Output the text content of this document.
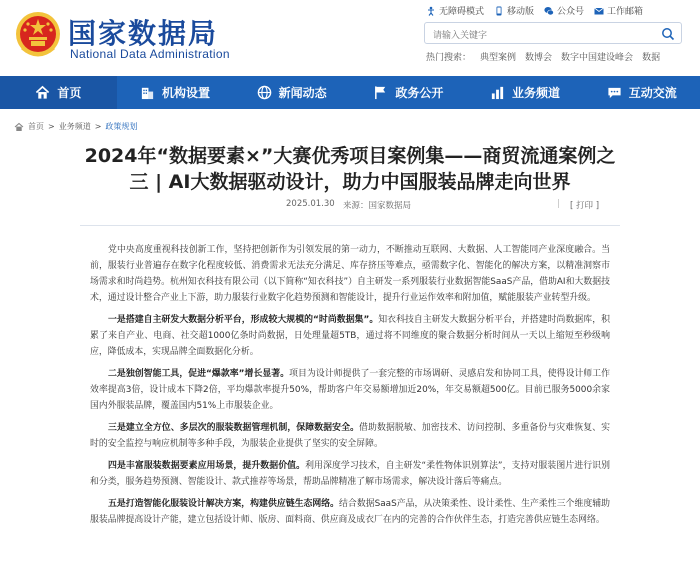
国家数据局
National Data Administration
无障碍模式	移动版	公众号	工作邮箱
请输入关键字
热门搜索： 典型案例 数博会 数字中国建设峰会 数据
首页	机构设置	新闻动态	政务公开	业务频道	互动交流
首页 > 业务频道 > 政策规划
2024年“数据要素×”大赛优秀项目案例集——商贸流通案例之三 | AI大数据驱动设计，助力中国服装品牌走向世界
2025.01.30 来源：国家数据局	| [ 打印 ]

党中央高度重视科技创新工作，坚持把创新作为引领发展的第一动力，不断推动互联网、大数据、人工智能同产业深度融合。当前，服装行业普遍存在数字化程度较低、消费需求无法充分满足、库存挤压等难点，亟需数字化、智能化的解决方案，以精准洞察市场需求和时尚趋势。杭州知衣科技有限公司（以下简称“知衣科技”）自主研发一系列服装行业数据智能SaaS产品，借助AI和大数据技术，通过设计整合产业上下游，助力服装行业数字化趋势预测和智能设计，提升行业运作效率和附加值，赋能服装产业转型升级。

一是搭建自主研发大数据分析平台，形成较大规模的“时尚数据集”。知衣科技自主研发大数据分析平台，并搭建时尚数据库，积累了来自产业、电商、社交超1000亿条时尚数据，日处理量超5TB，通过将不同维度的聚合数据分析时间从一天以上缩短至秒级响应，降低成本，实现品牌全面数据化分析。

二是独创智能工具，促进“爆款率”增长显著。项目为设计师提供了一套完整的市场调研、灵感启发和协同工具，使得设计师工作效率提高3倍，设计成本下降2倍，平均爆款率提升50%，帮助客户年交易额增加近20%，年交易额超500亿。目前已服务5000余家国内外服装品牌，覆盖国内51%上市服装企业。

三是建立全方位、多层次的服装数据管理机制，保障数据安全。借助数据脱敏、加密技术、访问控制、多重备份与灾难恢复、实时的安全监控与响应机制等多种手段，为服装企业提供了坚实的安全屏障。

四是丰富服装数据要素应用场景，提升数据价值。利用深度学习技术，自主研发“柔性物体识别算法”，支持对服装图片进行识别和分类，服务趋势预测、智能设计、款式推荐等场景，帮助品牌精准了解市场需求，解决设计落后等痛点。

五是打造智能化服装设计解决方案，构建供应链生态网络。结合数据SaaS产品，从决策柔性、设计柔性、生产柔性三个维度辅助服装品牌提高设计产能，建立包括设计师、版房、面料商、供应商及成衣厂在内的完善的合作伙伴生态，打造完善供应链生态网络。
